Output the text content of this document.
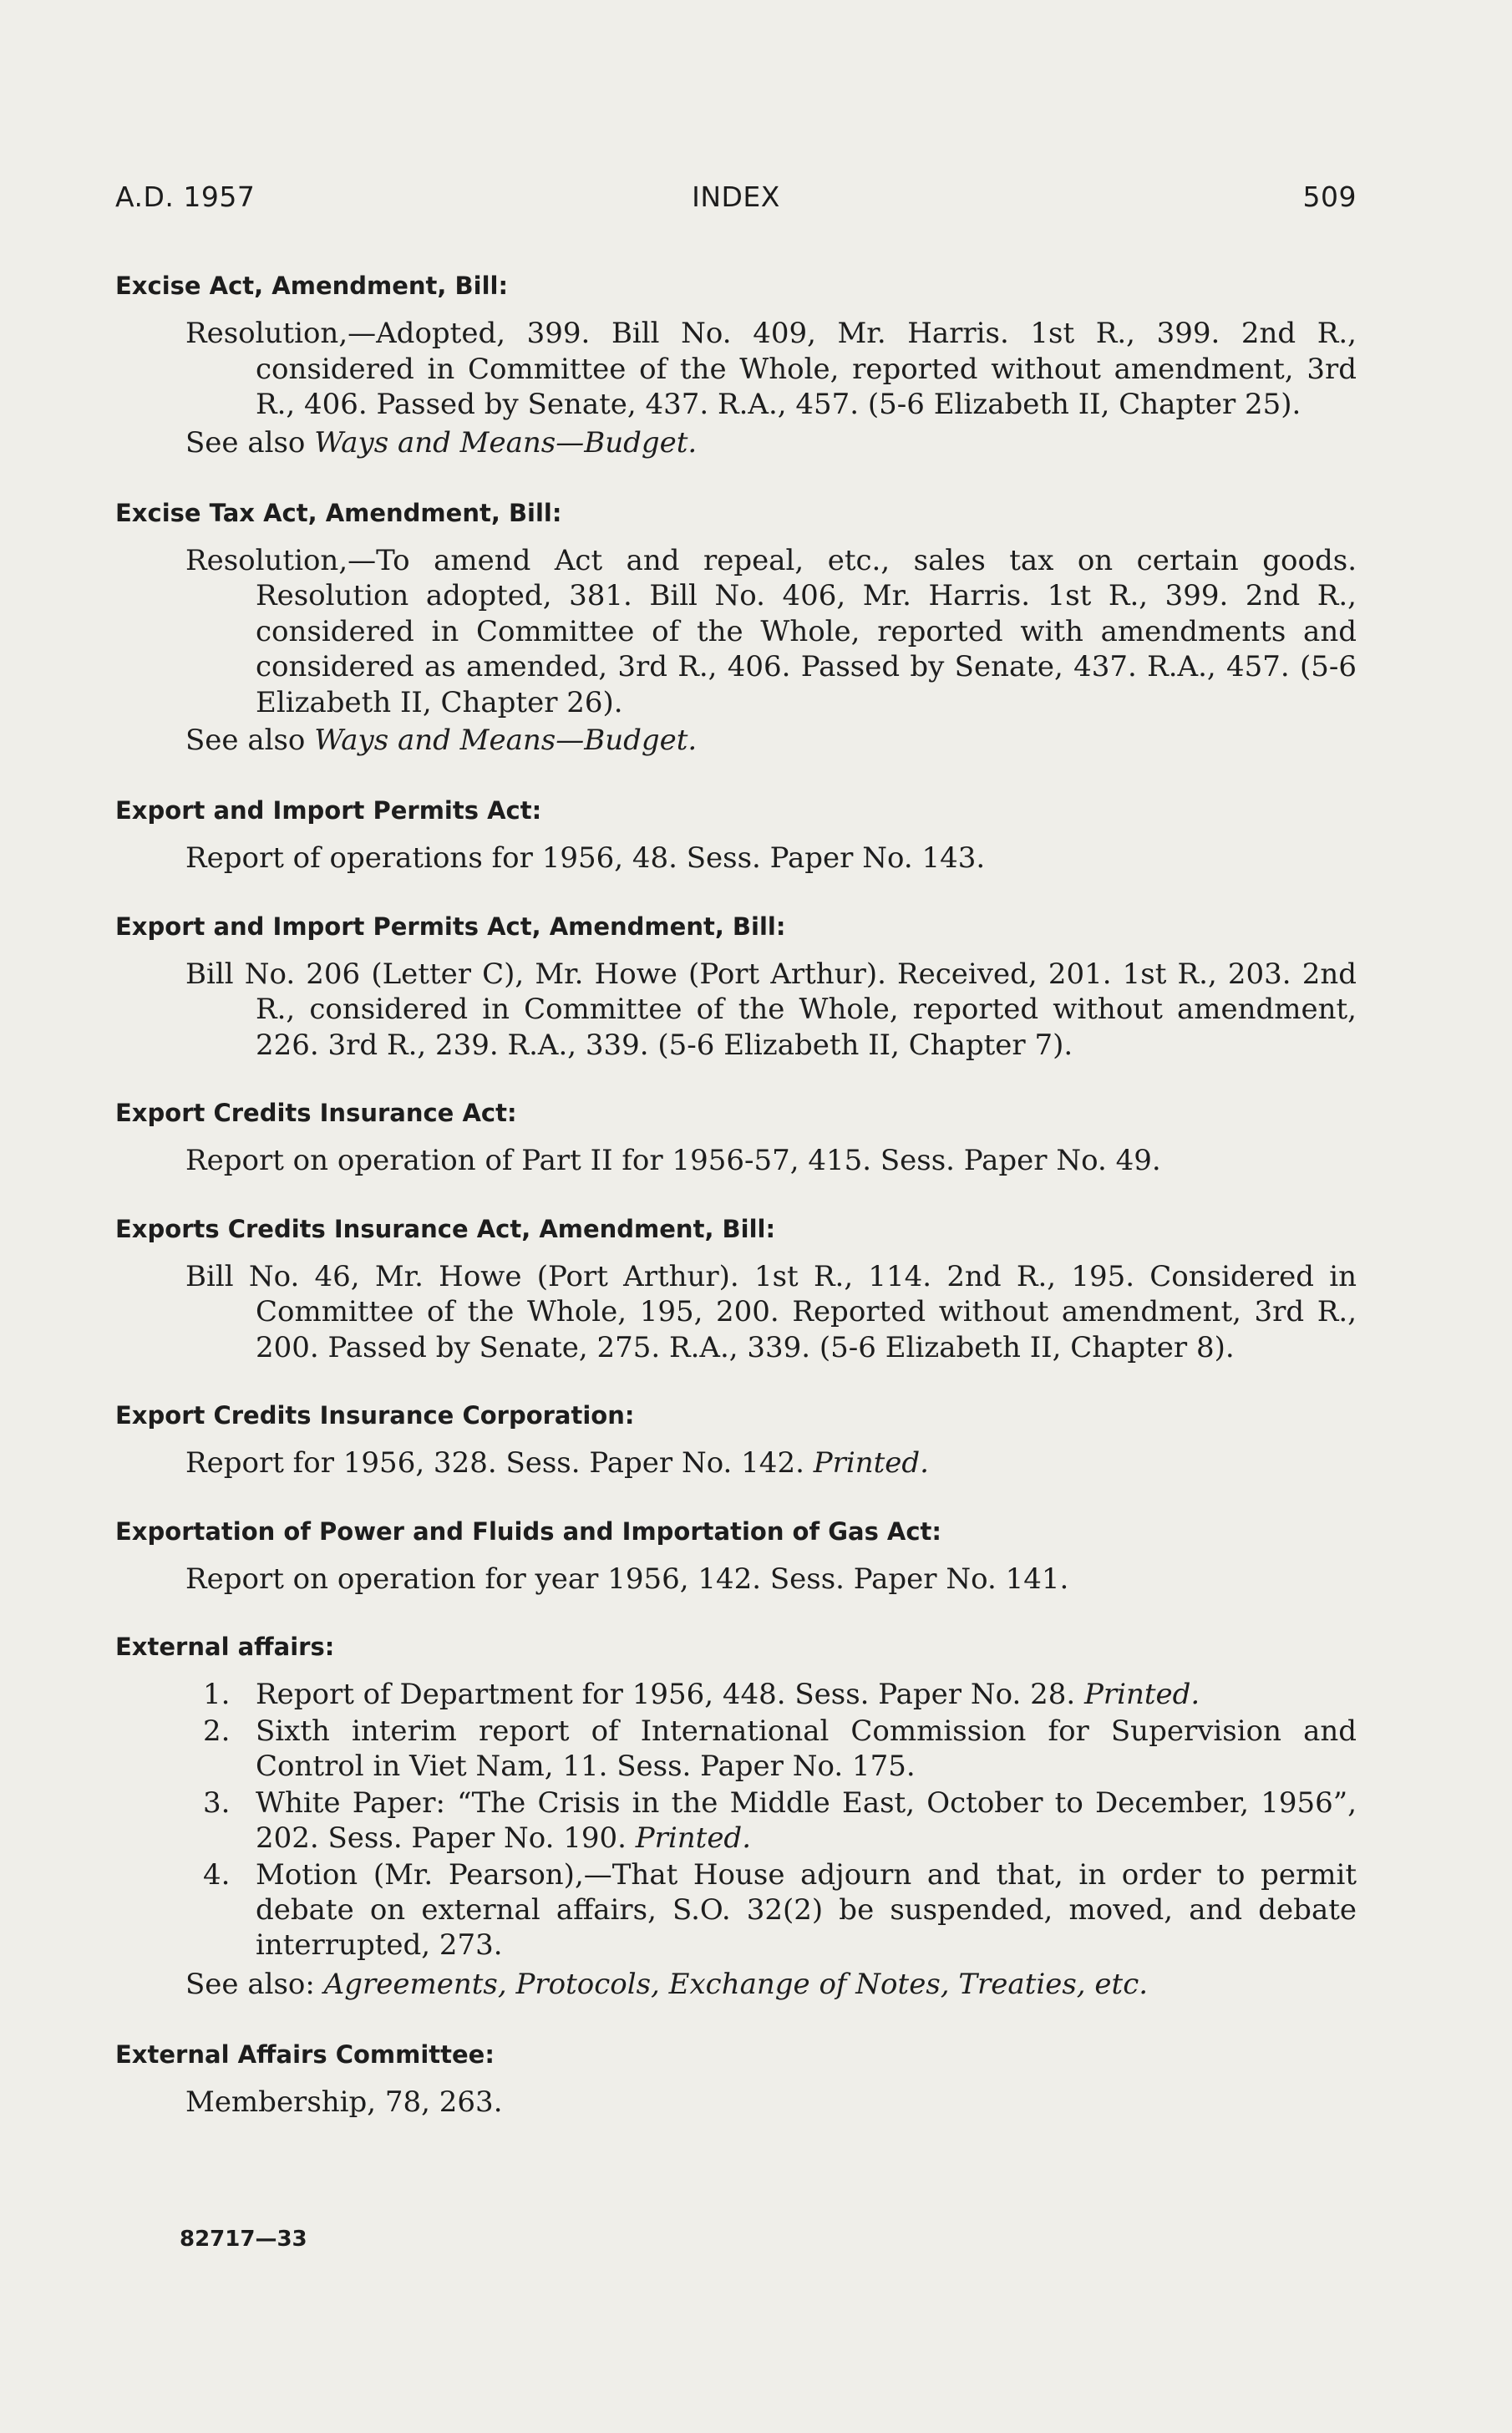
A.D. 1957	INDEX	509
Excise Act, Amendment, Bill:
Resolution,—Adopted, 399. Bill No. 409, Mr. Harris. 1st R., 399. 2nd R., considered in Committee of the Whole, reported without amendment, 3rd R., 406. Passed by Senate, 437. R.A., 457. (5-6 Elizabeth II, Chapter 25).
See also Ways and Means—Budget.
Excise Tax Act, Amendment, Bill:
Resolution,—To amend Act and repeal, etc., sales tax on certain goods. Resolution adopted, 381. Bill No. 406, Mr. Harris. 1st R., 399. 2nd R., considered in Committee of the Whole, reported with amendments and considered as amended, 3rd R., 406. Passed by Senate, 437. R.A., 457. (5-6 Elizabeth II, Chapter 26).
See also Ways and Means—Budget.
Export and Import Permits Act:
Report of operations for 1956, 48. Sess. Paper No. 143.
Export and Import Permits Act, Amendment, Bill:
Bill No. 206 (Letter C), Mr. Howe (Port Arthur). Received, 201. 1st R., 203. 2nd R., considered in Committee of the Whole, reported without amendment, 226. 3rd R., 239. R.A., 339. (5-6 Elizabeth II, Chapter 7).
Export Credits Insurance Act:
Report on operation of Part II for 1956-57, 415. Sess. Paper No. 49.
Exports Credits Insurance Act, Amendment, Bill:
Bill No. 46, Mr. Howe (Port Arthur). 1st R., 114. 2nd R., 195. Considered in Committee of the Whole, 195, 200. Reported without amendment, 3rd R., 200. Passed by Senate, 275. R.A., 339. (5-6 Elizabeth II, Chapter 8).
Export Credits Insurance Corporation:
Report for 1956, 328. Sess. Paper No. 142. Printed.
Exportation of Power and Fluids and Importation of Gas Act:
Report on operation for year 1956, 142. Sess. Paper No. 141.
External affairs:
1. Report of Department for 1956, 448. Sess. Paper No. 28. Printed.
2. Sixth interim report of International Commission for Supervision and Control in Viet Nam, 11. Sess. Paper No. 175.
3. White Paper: “The Crisis in the Middle East, October to December, 1956”, 202. Sess. Paper No. 190. Printed.
4. Motion (Mr. Pearson),—That House adjourn and that, in order to permit debate on external affairs, S.O. 32(2) be suspended, moved, and debate interrupted, 273.
See also: Agreements, Protocols, Exchange of Notes, Treaties, etc.
External Affairs Committee:
Membership, 78, 263.
82717—33
